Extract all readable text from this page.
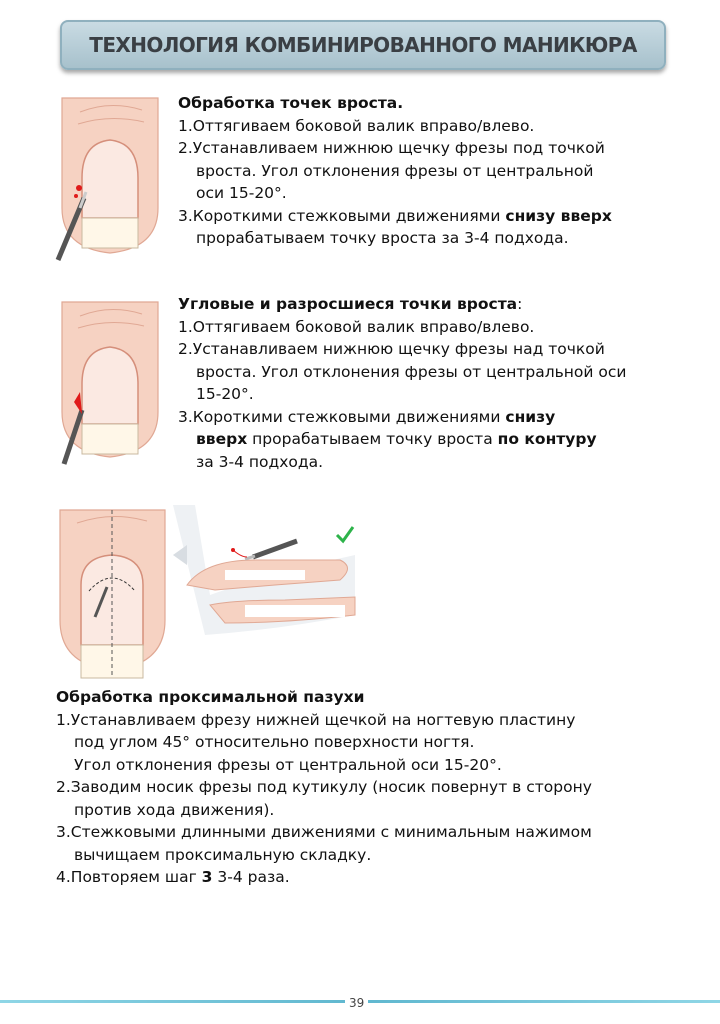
ТЕХНОЛОГИЯ КОМБИНИРОВАННОГО МАНИКЮРА
Обработка точек вроста.
1.Оттягиваем боковой валик вправо/влево.
2.Устанавливаем нижнюю щечку фрезы под точкой
вроста. Угол отклонения фрезы от центральной
оси 15-20°.
3.Короткими стежковыми движениями снизу вверх
прорабатываем точку вроста за 3-4 подхода.
Угловые и разросшиеся точки вроста:
1.Оттягиваем боковой валик вправо/влево.
2.Устанавливаем нижнюю щечку фрезы над точкой
вроста. Угол отклонения фрезы от центральной оси
15-20°.
3.Короткими стежковыми движениями снизу
вверх прорабатываем точку вроста по контуру
за 3-4 подхода.
Обработка проксимальной пазухи
1.Устанавливаем фрезу нижней щечкой на ногтевую пластину
под углом 45° относительно поверхности ногтя.
Угол отклонения фрезы от центральной оси 15-20°.
2.Заводим носик фрезы под кутикулу (носик повернут в сторону
против хода движения).
3.Стежковыми длинными движениями с минимальным нажимом
вычищаем проксимальную складку.
4.Повторяем шаг 3 3-4 раза.
39
